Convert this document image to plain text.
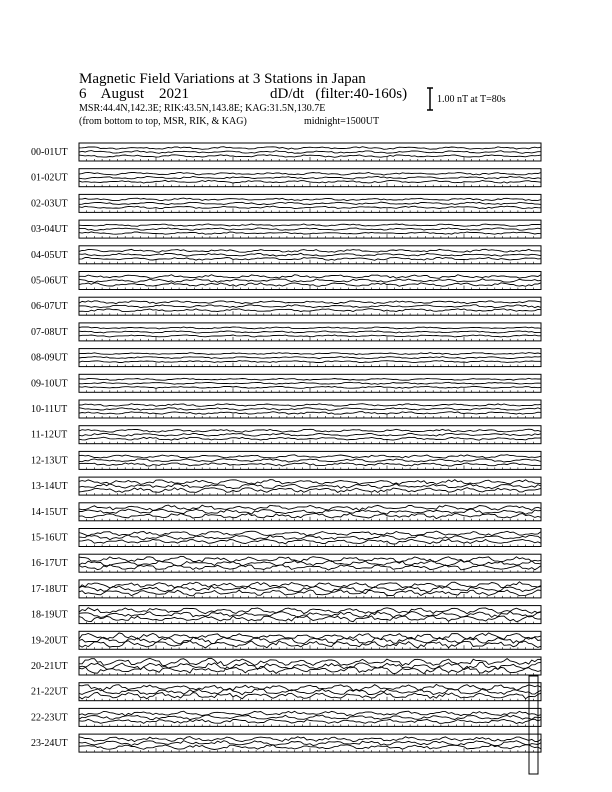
Magnetic Field Variations at 3 Stations in Japan
6    August    2021	dD/dt   (filter:40-160s)
MSR:44.4N,142.3E; RIK:43.5N,143.8E; KAG:31.5N,130.7E
(from bottom to top, MSR, RIK, & KAG)	midnight=1500UT
1.00 nT at T=80s
00-01UT
01-02UT
02-03UT
03-04UT
04-05UT
05-06UT
06-07UT
07-08UT
08-09UT
09-10UT
10-11UT
11-12UT
12-13UT
13-14UT
14-15UT
15-16UT
16-17UT
17-18UT
18-19UT
19-20UT
20-21UT
21-22UT
22-23UT
23-24UT
